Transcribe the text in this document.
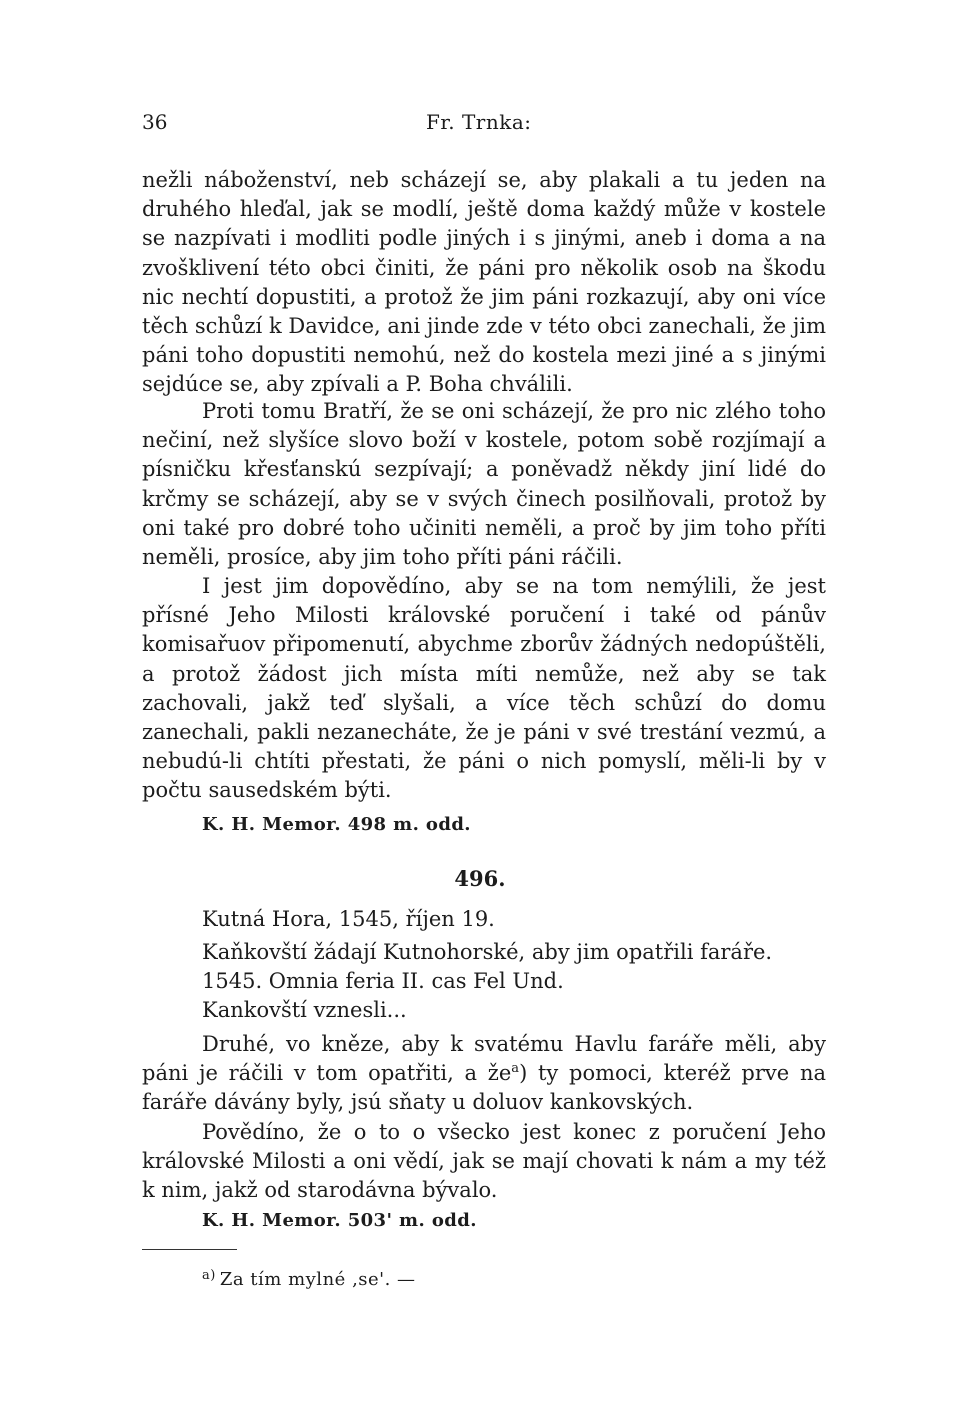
36	Fr. Trnka:

nežli náboženství, neb scházejí se, aby plakali a tu jeden na druhého hleďal, jak se modlí, ještě doma každý může v kostele se nazpívati i modliti podle jiných i s jinými, aneb i doma a na zvošklivení této obci činiti, že páni pro několik osob na škodu nic nechtí dopustiti, a protož že jim páni rozkazují, aby oni více těch schůzí k Davidce, ani jinde zde v této obci zanechali, že jim páni toho dopustiti nemohú, než do kostela mezi jiné a s jinými sejdúce se, aby zpívali a P. Boha chválili.

Proti tomu Bratří, že se oni scházejí, že pro nic zlého toho nečiní, než slyšíce slovo boží v kostele, potom sobě rozjímají a písničku křesťanskú sezpívají; a poněvadž někdy jiní lidé do krčmy se scházejí, aby se v svých činech posilňovali, protož by oni také pro dobré toho učiniti neměli, a proč by jim toho příti neměli, prosíce, aby jim toho příti páni ráčili.

I jest jim dopovědíno, aby se na tom nemýlili, že jest přísné Jeho Milosti královské poručení i také od pánův komisařuov připomenutí, abychme zborův žádných nedopúštěli, a protož žádost jich místa míti nemůže, než aby se tak zachovali, jakž teď slyšali, a více těch schůzí do domu zanechali, pakli nezanecháte, že je páni v své trestání vezmú, a nebudú-li chtíti přestati, že páni o nich pomyslí, měli-li by v počtu sausedském býti.

K. H. Memor. 498 m. odd.
496.
Kutná Hora, 1545, říjen 19.
Kaňkovští žádají Kutnohorské, aby jim opatřili faráře.
1545. Omnia feria II. cas Fel Und.
Kankovští vznesli...

Druhé, vo kněze, aby k svatému Havlu faráře měli, aby páni je ráčili v tom opatřiti, a $že^a$) ty pomoci, kteréž prve na faráře dávány byly, jsú sňaty u doluov kankovských.

Povědíno, že o to o všecko jest konec z poručení Jeho královské Milosti a oni vědí, jak se mají chovati k nám a my též k nim, jakž od starodávna bývalo.

K. H. Memor. 503' m. odd.
$^{a)}$ Za tím mylné ‚se'. —
